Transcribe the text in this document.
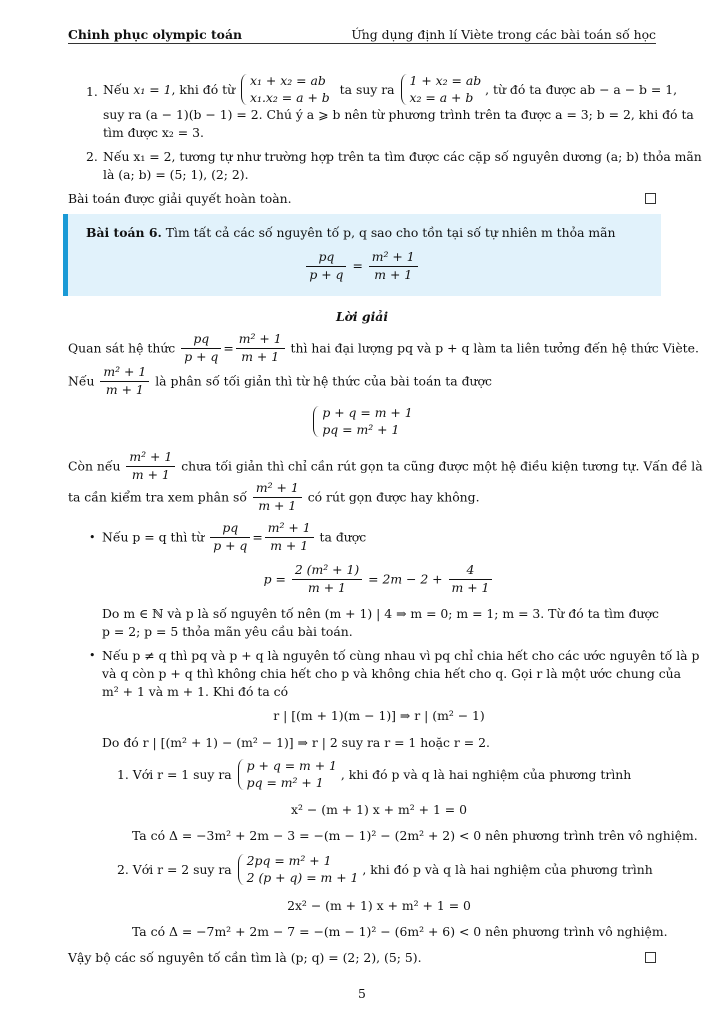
Chinh phục olympic toán	Ứng dụng định lí Viète trong các bài toán số học
1. Nếu x₁ = 1, khi đó từ
x₁ + x₂ = ab
x₁.x₂ = a + b
ta suy ra
1 + x₂ = ab
x₂ = a + b
, từ đó ta được ab − a − b = 1,
suy ra (a − 1)(b − 1) = 2. Chú ý a ⩾ b nên từ phương trình trên ta được a = 3; b = 2, khi đó ta
tìm được x₂ = 3.
2. Nếu x₁ = 2, tương tự như trường hợp trên ta tìm được các cặp số nguyên dương (a; b) thỏa mãn
là (a; b) = (5; 1), (2; 2).
Bài toán được giải quyết hoàn toàn.
Bài toán 6. Tìm tất cả các số nguyên tố p, q sao cho tồn tại số tự nhiên m thỏa mãn
$\frac{pq}{p + q} = \frac{\text{m² + 1}}{m + 1}$
Lời giải
Quan sát hệ thức $\frac{pq}{p + q} = \frac{\text{m² + 1}}{m + 1}$ thì hai đại lượng pq và p + q làm ta liên tưởng đến hệ thức Viète.
Nếu $\frac{\text{m² + 1}}{m + 1}$ là phân số tối giản thì từ hệ thức của bài toán ta được
p + q = m + 1
pq = m² + 1
Còn nếu $\frac{\text{m² + 1}}{m + 1}$ chưa tối giản thì chỉ cần rút gọn ta cũng được một hệ điều kiện tương tự. Vấn đề là
ta cần kiểm tra xem phân số $\frac{\text{m² + 1}}{m + 1}$ có rút gọn được hay không.
• Nếu p = q thì từ $\frac{pq}{p + q} = \frac{\text{m² + 1}}{m + 1}$ ta được
$p = \frac{\text{2 (m² + 1)}}{m + 1} = 2m - 2 + \frac{4}{m + 1}$
Do m ∈ ℕ và p là số nguyên tố nên (m + 1) | 4 ⇒ m = 0; m = 1; m = 3. Từ đó ta tìm được
p = 2; p = 5 thỏa mãn yêu cầu bài toán.
• Nếu p ≠ q thì pq và p + q là nguyên tố cùng nhau vì pq chỉ chia hết cho các ước nguyên tố là p
và q còn p + q thì không chia hết cho p và không chia hết cho q. Gọi r là một ước chung của
m² + 1 và m + 1. Khi đó ta có
r | [(m + 1)(m − 1)] ⇒ r | (m² − 1)
Do đó r | [(m² + 1) − (m² − 1)] ⇒ r | 2 suy ra r = 1 hoặc r = 2.
1. Với r = 1 suy ra
p + q = m + 1
pq = m² + 1
, khi đó p và q là hai nghiệm của phương trình
x² − (m + 1) x + m² + 1 = 0
Ta có Δ = −3m² + 2m − 3 = −(m − 1)² − (2m² + 2) < 0 nên phương trình trên vô nghiệm.
2. Với r = 2 suy ra
2pq = m² + 1
2 (p + q) = m + 1
, khi đó p và q là hai nghiệm của phương trình
2x² − (m + 1) x + m² + 1 = 0
Ta có Δ = −7m² + 2m − 7 = −(m − 1)² − (6m² + 6) < 0 nên phương trình vô nghiệm.
Vậy bộ các số nguyên tố cần tìm là (p; q) = (2; 2), (5; 5).
5
